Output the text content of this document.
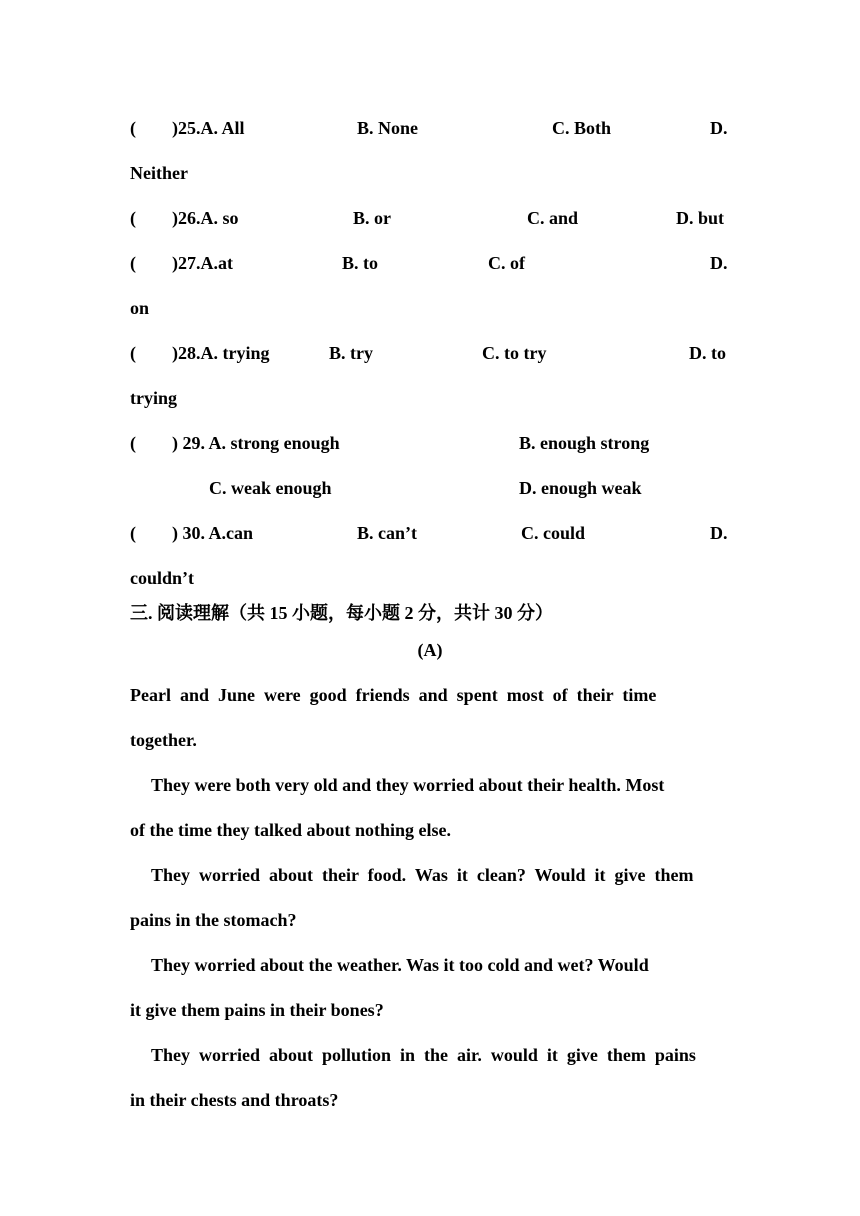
(        )25.A. All	B. None	C. Both	D.
Neither
(        )26.A. so	B. or	C. and	D. but
(        )27.A.at	B. to	C. of	D.
on
(        )28.A. trying	B. try	C. to try	D. to
trying
(        ) 29. A. strong enough	B. enough strong
C. weak enough	D. enough weak
(        ) 30. A.can	B. can’t	C. could	D.
couldn’t
三. 阅读理解（共 15 小题，每小题 2 分，共计 30 分）
(A)
Pearl  and  June  were  good  friends  and  spent  most  of  their  time
together.
They were both very old and they worried about their health. Most
of the time they talked about nothing else.
They  worried  about  their  food.  Was  it  clean?  Would  it  give  them
pains in the stomach?
They worried about the weather. Was it too cold and wet? Would
it give them pains in their bones?
They  worried  about  pollution  in  the  air.  would  it  give  them  pains
in their chests and throats?
